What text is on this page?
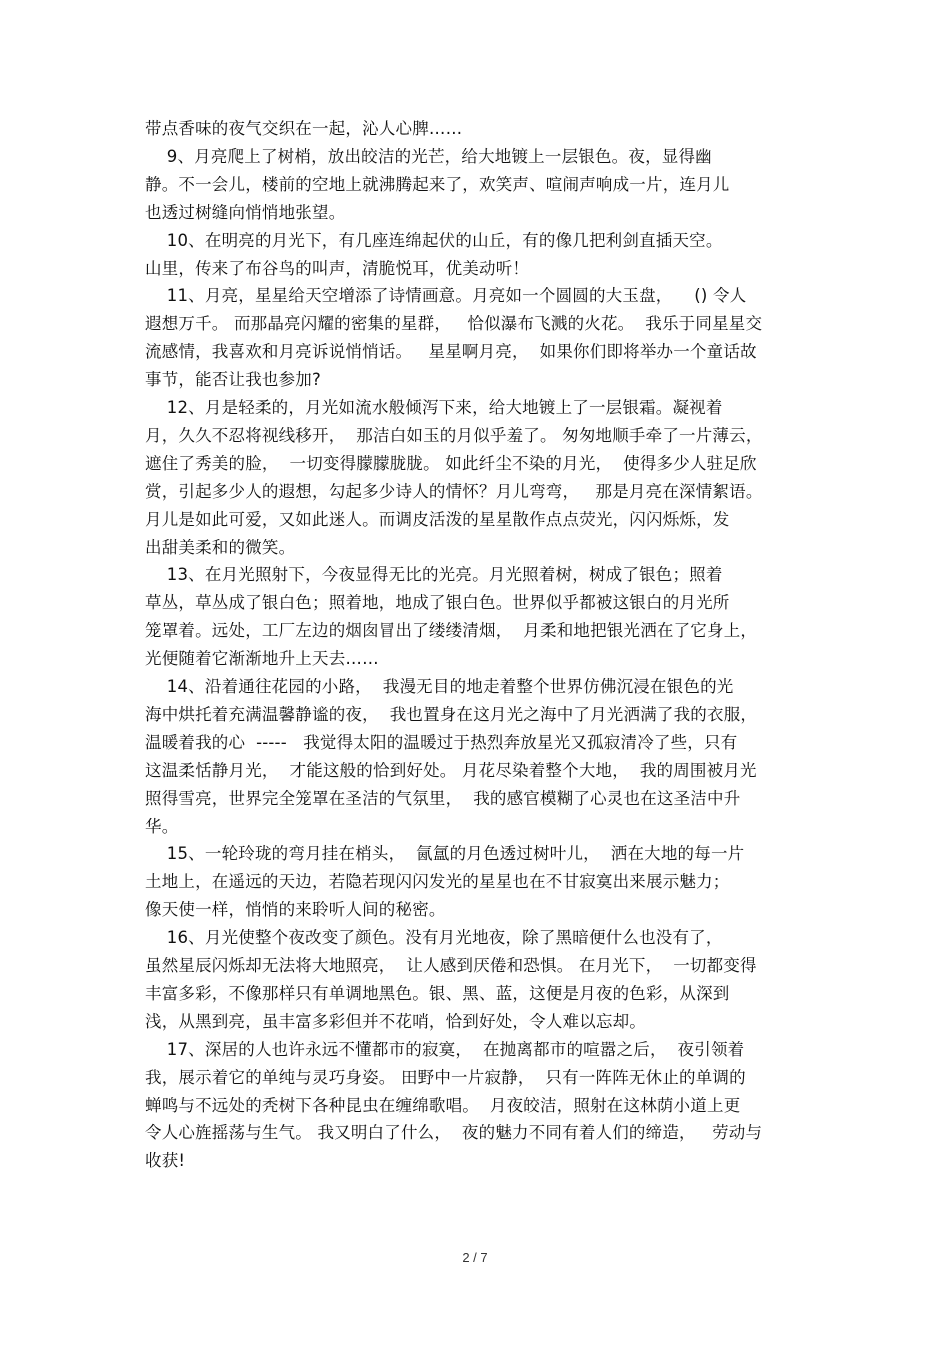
带点香味的夜气交织在一起，沁人心脾……
9、月亮爬上了树梢，放出皎洁的光芒，给大地镀上一层银色。夜，显得幽
静。不一会儿，楼前的空地上就沸腾起来了，欢笑声、喧闹声响成一片，连月儿
也透过树缝向悄悄地张望。
10、在明亮的月光下，有几座连绵起伏的山丘，有的像几把利剑直插天空。
山里，传来了布谷鸟的叫声，清脆悦耳，优美动听！
11、月亮，星星给天空增添了诗情画意。月亮如一个圆圆的大玉盘，    () 令人
遐想万千。 而那晶亮闪耀的密集的星群，   恰似瀑布飞溅的火花。  我乐于同星星交
流感情，我喜欢和月亮诉说悄悄话。   星星啊月亮，  如果你们即将举办一个童话故
事节，能否让我也参加?
12、月是轻柔的，月光如流水般倾泻下来，给大地镀上了一层银霜。凝视着
月，久久不忍将视线移开，  那洁白如玉的月似乎羞了。 匆匆地顺手牵了一片薄云，
遮住了秀美的脸，  一切变得朦朦胧胧。 如此纤尘不染的月光，  使得多少人驻足欣
赏，引起多少人的遐想，勾起多少诗人的情怀？月儿弯弯，   那是月亮在深情絮语。
月儿是如此可爱，又如此迷人。而调皮活泼的星星散作点点荧光，闪闪烁烁，发
出甜美柔和的微笑。
13、在月光照射下，今夜显得无比的光亮。月光照着树，树成了银色；照着
草丛，草丛成了银白色；照着地，地成了银白色。世界似乎都被这银白的月光所
笼罩着。远处，工厂左边的烟囱冒出了缕缕清烟，  月柔和地把银光洒在了它身上，
光便随着它渐渐地升上天去……
14、沿着通往花园的小路，  我漫无目的地走着整个世界仿佛沉浸在银色的光
海中烘托着充满温馨静谧的夜，  我也置身在这月光之海中了月光洒满了我的衣服，
温暖着我的心  -----   我觉得太阳的温暖过于热烈奔放星光又孤寂清冷了些，只有
这温柔恬静月光，  才能这般的恰到好处。 月花尽染着整个大地，  我的周围被月光
照得雪亮，世界完全笼罩在圣洁的气氛里，  我的感官模糊了心灵也在这圣洁中升
华。
15、一轮玲珑的弯月挂在梢头，  氤氲的月色透过树叶儿，  洒在大地的每一片
土地上，在遥远的天边，若隐若现闪闪发光的星星也在不甘寂寞出来展示魅力；
像天使一样，悄悄的来聆听人间的秘密。
16、月光使整个夜改变了颜色。没有月光地夜，除了黑暗便什么也没有了，
虽然星辰闪烁却无法将大地照亮，  让人感到厌倦和恐惧。 在月光下，  一切都变得
丰富多彩，不像那样只有单调地黑色。银、黑、蓝，这便是月夜的色彩，从深到
浅，从黑到亮，虽丰富多彩但并不花哨，恰到好处，令人难以忘却。
17、深居的人也许永远不懂都市的寂寞，  在抛离都市的喧嚣之后，  夜引领着
我，展示着它的单纯与灵巧身姿。 田野中一片寂静，  只有一阵阵无休止的单调的
蝉鸣与不远处的秃树下各种昆虫在缠绵歌唱。  月夜皎洁，照射在这林荫小道上更
令人心旌摇荡与生气。 我又明白了什么，  夜的魅力不同有着人们的缔造，   劳动与
收获!
2 / 7
